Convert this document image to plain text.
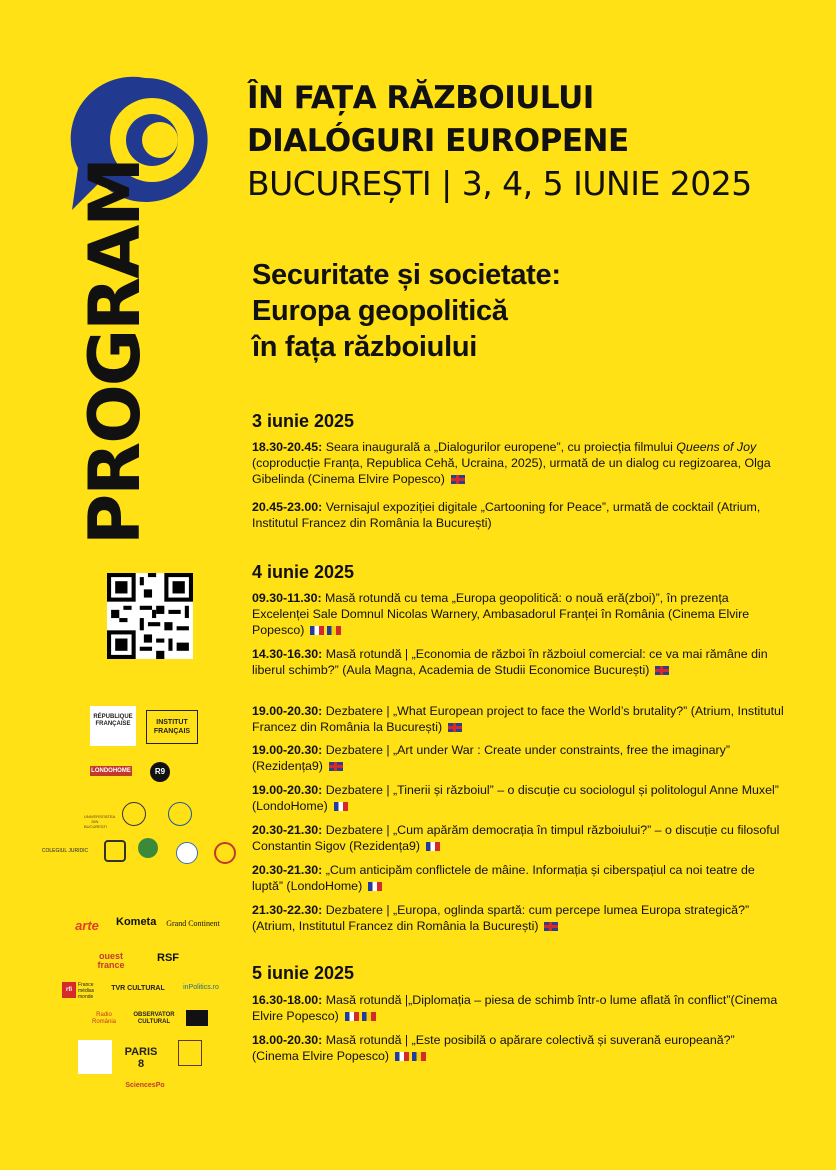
ÎN FAȚA RĂZBOIULUI
DIALÓGURI EUROPENE
BUCUREȘTI | 3, 4, 5 IUNIE 2025
PROGRAM	Securitate și societate:
Europa geopolitică
în fața războiului
3 iunie 2025
18.30-20.45: Seara inaugurală a „Dialogurilor europene”, cu proiecția filmului Queens of Joy (coproducție Franța, Republica Cehă, Ucraina, 2025), urmată de un dialog cu regizoarea, Olga Gibelinda (Cinema Elvire Popesco)
20.45-23.00: Vernisajul expoziției digitale „Cartooning for Peace”, urmată de cocktail (Atrium, Institutul Francez din România la București)
4 iunie 2025
09.30-11.30: Masă rotundă cu tema „Europa geopolitică: o nouă eră(zboi)”, în prezența Excelenței Sale Domnul Nicolas Warnery, Ambasadorul Franței în România (Cinema Elvire Popesco)
14.30-16.30: Masă rotundă | „Economia de război în războiul comercial: ce va mai rămâne din liberul schimb?” (Aula Magna, Academia de Studii Economice București)
19.00-20.30: Dezbatere | „What European project to face the World’s brutality?” (Atrium, Institutul Francez din România la București)
19.00-20.30: Dezbatere | „Art under War : Create under constraints, free the imaginary” (Rezidența9)
19.00-20.30: Dezbatere | „Tinerii și războiul” – o discuție cu sociologul și politologul Anne Muxel” (LondoHome)
20.30-21.30: Dezbatere | „Cum apărăm democrația în timpul războiului?” – o discuție cu filosoful Constantin Sigov (Rezidența9)
20.30-21.30: „Cum anticipăm conflictele de mâine. Informația și ciberspațiul ca noi teatre de luptă” (LondoHome)
21.30-22.30: Dezbatere | „Europa, oglinda spartă: cum percepe lumea Europa strategică?” (Atrium, Institutul Francez din România la București)
5 iunie 2025
16.30-18.00: Masă rotundă |„Diplomația – piesa de schimb într-o lume aflată în conflict”(Cinema Elvire Popesco)
18.00-20.30: Masă rotundă | „Este posibilă o apărare colectivă și suverană europeană?” (Cinema Elvire Popesco)
RÉPUBLIQUE FRANÇAISE	INSTITUT FRANÇAIS
LONDOHOME	R9
UNIVERSITATEA DIN BUCUREȘTI
COLEGIUL JURIDIC
arte	Kometa	Grand Continent
ouest france
RSF
rfi
France médias monde
TVR CULTURAL	inPolitics.ro
Radio România
OBSERVATOR CULTURAL
PARIS 8
SciencesPo
